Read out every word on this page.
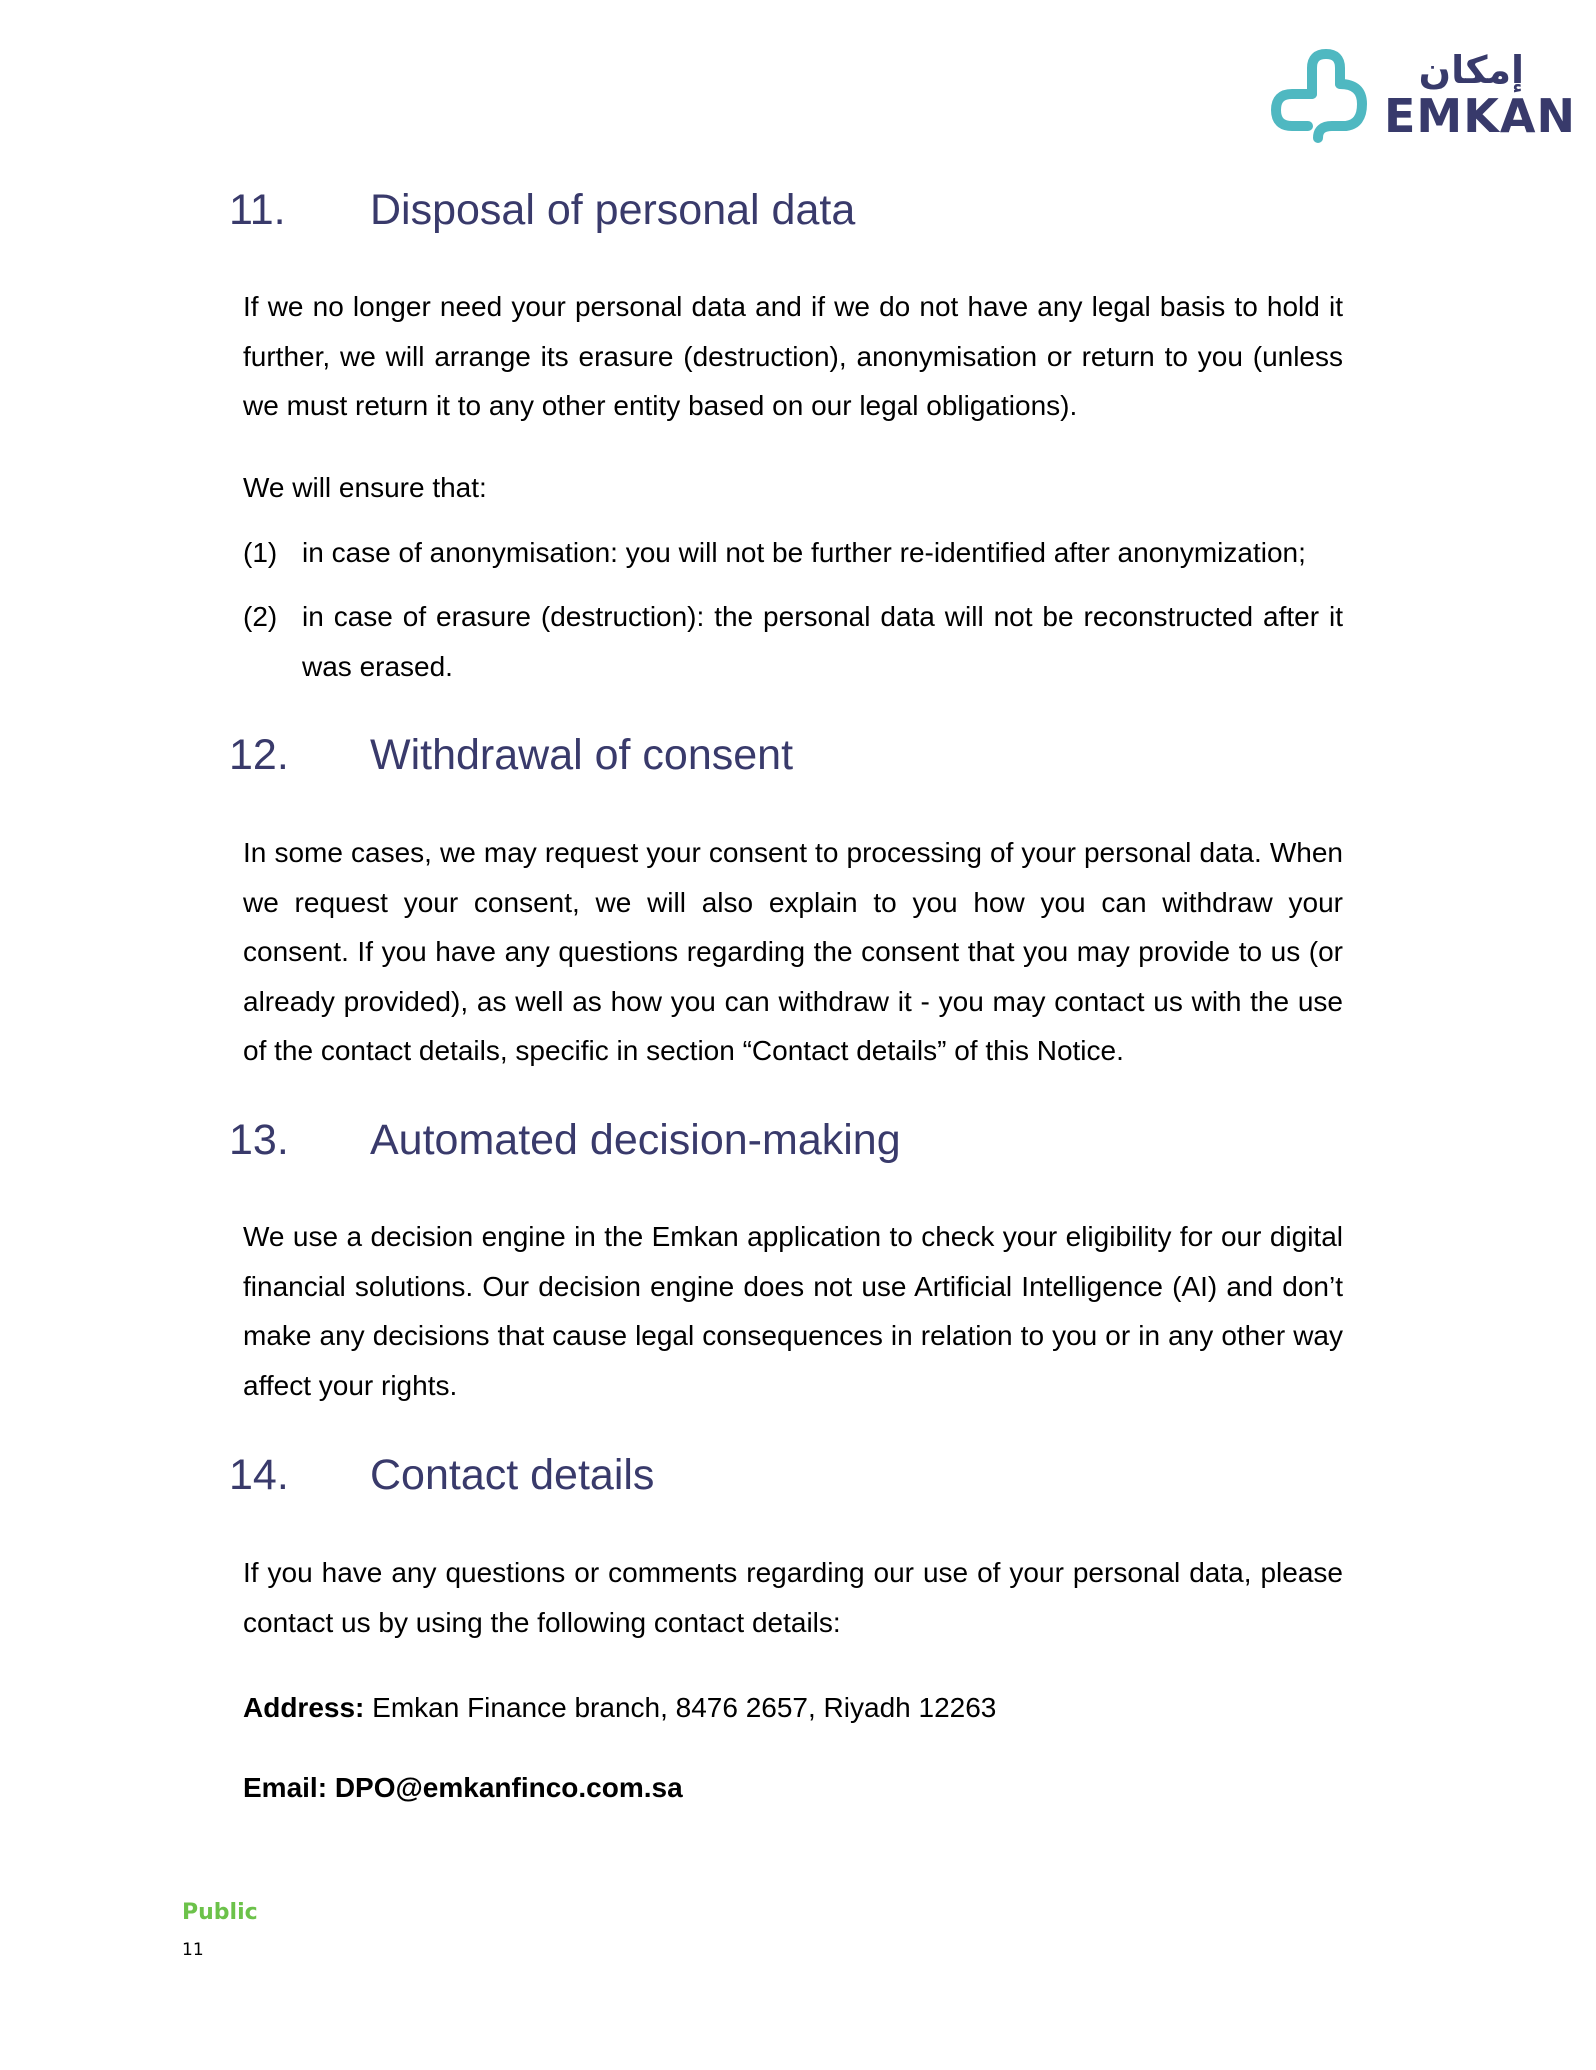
إمكان
EMKAN
11. Disposal of personal data

If we no longer need your personal data and if we do not have any legal basis to hold it further, we will arrange its erasure (destruction), anonymisation or return to you (unless we must return it to any other entity based on our legal obligations).

We will ensure that:

(1) in case of anonymisation: you will not be further re-identified after anonymization;
(2) in case of erasure (destruction): the personal data will not be reconstructed after it was erased.
12. Withdrawal of consent

In some cases, we may request your consent to processing of your personal data. When we request your consent, we will also explain to you how you can withdraw your consent. If you have any questions regarding the consent that you may provide to us (or already provided), as well as how you can withdraw it - you may contact us with the use of the contact details, specific in section “Contact details” of this Notice.

13. Automated decision-making

We use a decision engine in the Emkan application to check your eligibility for our digital financial solutions. Our decision engine does not use Artificial Intelligence (AI) and don’t make any decisions that cause legal consequences in relation to you or in any other way affect your rights.

14. Contact details

If you have any questions or comments regarding our use of your personal data, please contact us by using the following contact details:

Address: Emkan Finance branch, 8476 2657, Riyadh 12263
Email: DPO@emkanfinco.com.sa
Public
11
